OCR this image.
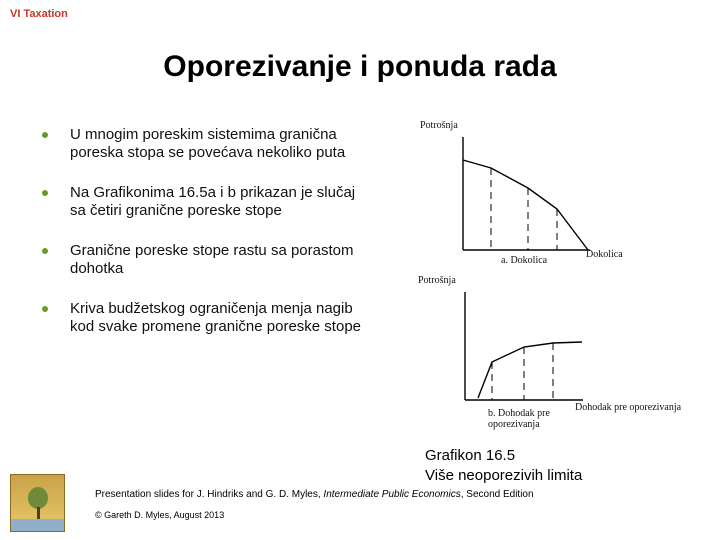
VI Taxation
Oporezivanje i ponuda rada
U mnogim poreskim sistemima granična poreska stopa se povećava nekoliko puta
Na Grafikonima 16.5a i b prikazan je slučaj sa četiri granične poreske stope
Granične poreske stope rastu sa porastom dohotka
Kriva budžetskog ograničenja menja nagib kod svake promene granične poreske stope
Potrošnja
a. Dokolica
Dokolica
Potrošnja
b. Dohodak pre oporezivanja
Dohodak pre oporezivanja
Grafikon 16.5
Više neoporezivih limita
Presentation slides for J. Hindriks and G. D. Myles, Intermediate Public Economics, Second Edition
© Gareth D. Myles, August 2013
